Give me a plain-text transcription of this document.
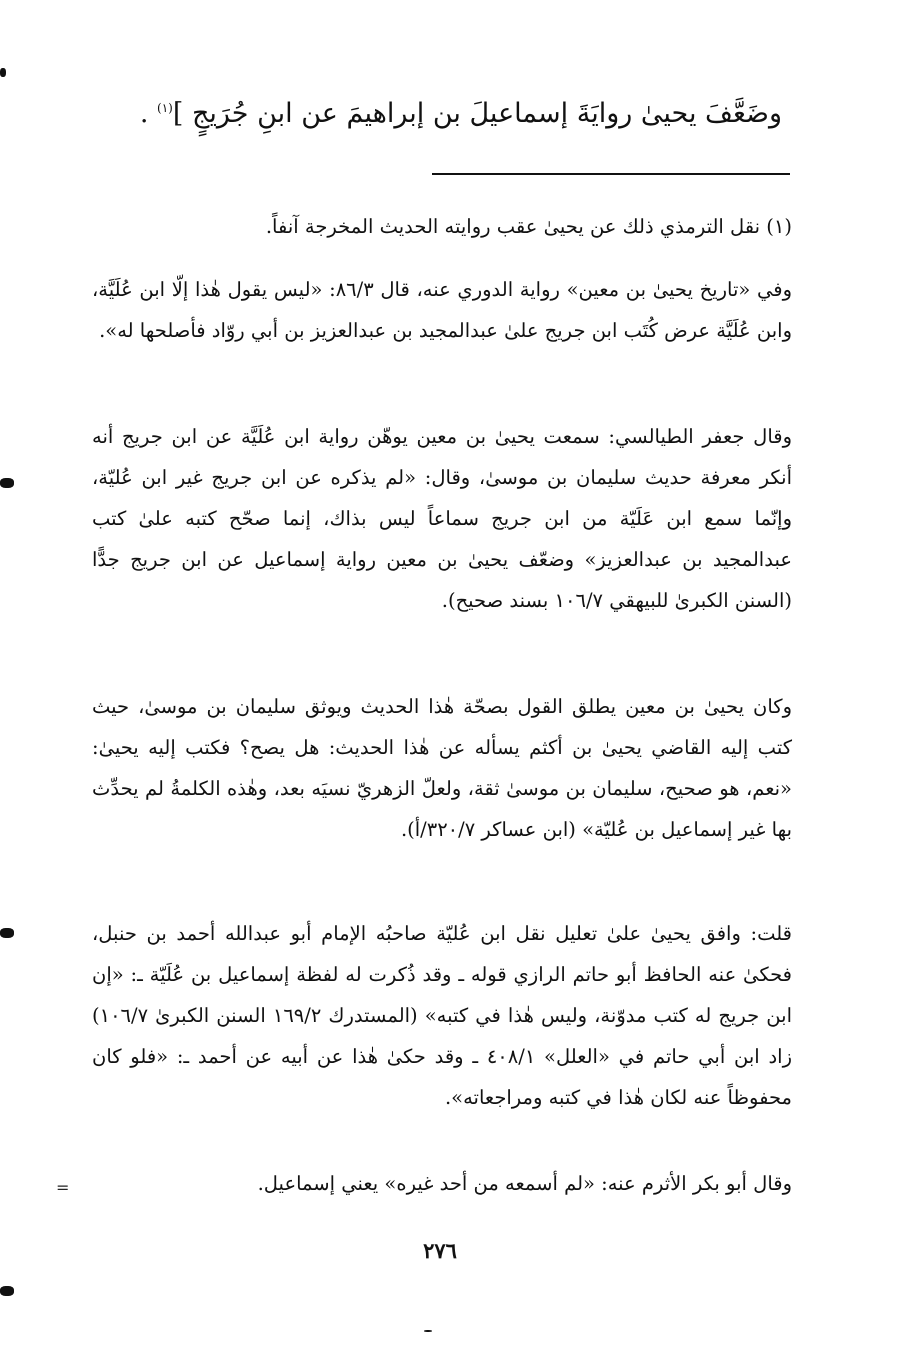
وضَعَّفَ يحيىٰ روايَةَ إسماعيلَ بن إبراهيمَ عن ابنِ جُرَيجٍ ]$^{(١)}$ .
(١) نقل الترمذي ذلك عن يحيىٰ عقب روايته الحديث المخرجة آنفاً.
وفي «تاريخ يحيىٰ بن معين» رواية الدوري عنه، قال ٨٦/٣: «ليس يقول هٰذا إلّا ابن عُلَيَّة، وابن عُلَيَّة عرض كُتَب ابن جريج علىٰ عبدالمجيد بن عبدالعزيز بن أبي روّاد فأصلحها له».
وقال جعفر الطيالسي: سمعت يحيىٰ بن معين يوهّن رواية ابن عُلَيَّة عن ابن جريج أنه أنكر معرفة حديث سليمان بن موسىٰ، وقال: «لم يذكره عن ابن جريج غير ابن عُليّة، وإنّما سمع ابن عَلَيّة من ابن جريج سماعاً ليس بذاك، إنما صحّح كتبه علىٰ كتب عبدالمجيد بن عبدالعزيز» وضعّف يحيىٰ بن معين رواية إسماعيل عن ابن جريج جدًّا (السنن الكبرىٰ للبيهقي ١٠٦/٧ بسند صحيح).
وكان يحيىٰ بن معين يطلق القول بصحّة هٰذا الحديث ويوثق سليمان بن موسىٰ، حيث كتب إليه القاضي يحيىٰ بن أكثم يسأله عن هٰذا الحديث: هل يصح؟ فكتب إليه يحيىٰ: «نعم، هو صحيح، سليمان بن موسىٰ ثقة، ولعلّ الزهريّ نسيَه بعد، وهٰذه الكلمةُ لم يحدِّث بها غير إسماعيل بن عُليّة» (ابن عساكر ٣٢٠/٧/أ).
قلت: وافق يحيىٰ علىٰ تعليل نقل ابن عُليّة صاحبُه الإمام أبو عبدالله أحمد بن حنبل، فحكىٰ عنه الحافظ أبو حاتم الرازي قوله ـ وقد ذُكرت له لفظة إسماعيل بن عُلَيّة ـ: «إن ابن جريج له كتب مدوّنة، وليس هٰذا في كتبه» (المستدرك ١٦٩/٢ السنن الكبرىٰ ١٠٦/٧) زاد ابن أبي حاتم في «العلل» ٤٠٨/١ ـ وقد حكىٰ هٰذا عن أبيه عن أحمد ـ: «فلو كان محفوظاً عنه لكان هٰذا في كتبه ومراجعاته».
وقال أبو بكر الأثرم عنه: «لم أسمعه من أحد غيره» يعني إسماعيل.
=
٢٧٦
